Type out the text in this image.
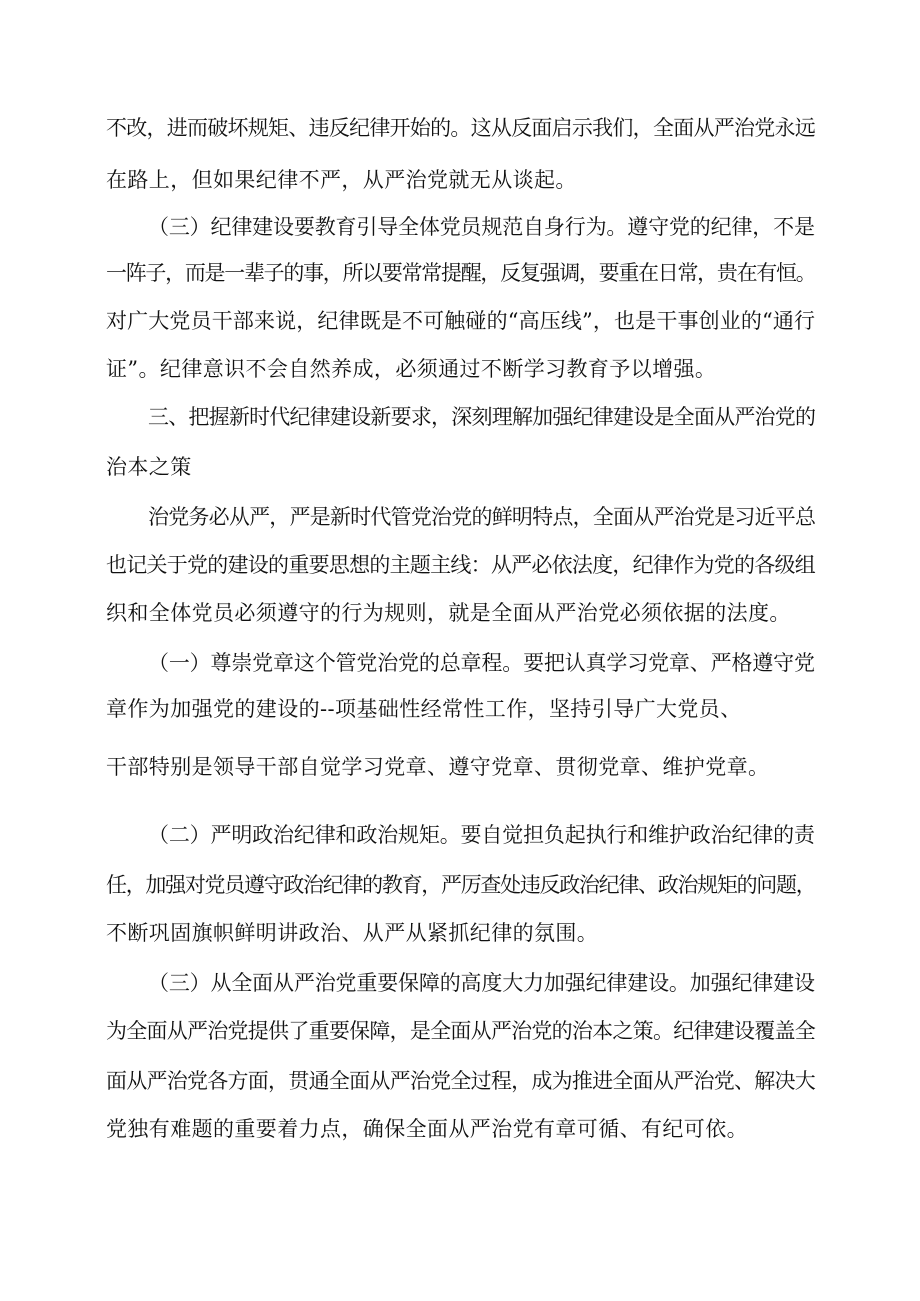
不改，进而破坏规矩、违反纪律开始的。这从反面启示我们，全面从严治党永远
在路上，但如果纪律不严，从严治党就无从谈起。
（三）纪律建设要教育引导全体党员规范自身行为。遵守党的纪律，不是
一阵子，而是一辈子的事，所以要常常提醒，反复强调，要重在日常，贵在有恒。
对广大党员干部来说，纪律既是不可触碰的“高压线”，也是干事创业的“通行
证”。纪律意识不会自然养成，必须通过不断学习教育予以增强。
三、把握新时代纪律建设新要求，深刻理解加强纪律建设是全面从严治党的
治本之策
治党务必从严，严是新时代管党治党的鲜明特点，全面从严治党是习近平总
也记关于党的建设的重要思想的主题主线：从严必依法度，纪律作为党的各级组
织和全体党员必须遵守的行为规则，就是全面从严治党必须依据的法度。
（一）尊崇党章这个管党治党的总章程。要把认真学习党章、严格遵守党
章作为加强党的建设的--项基础性经常性工作，坚持引导广大党员、
干部特别是领导干部自觉学习党章、遵守党章、贯彻党章、维护党章。
（二）严明政治纪律和政治规矩。要自觉担负起执行和维护政治纪律的责
任，加强对党员遵守政治纪律的教育，严厉查处违反政治纪律、政治规矩的问题，
不断巩固旗帜鲜明讲政治、从严从紧抓纪律的氛围。
（三）从全面从严治党重要保障的高度大力加强纪律建设。加强纪律建设
为全面从严治党提供了重要保障，是全面从严治党的治本之策。纪律建设覆盖全
面从严治党各方面，贯通全面从严治党全过程，成为推进全面从严治党、解决大
党独有难题的重要着力点，确保全面从严治党有章可循、有纪可依。
